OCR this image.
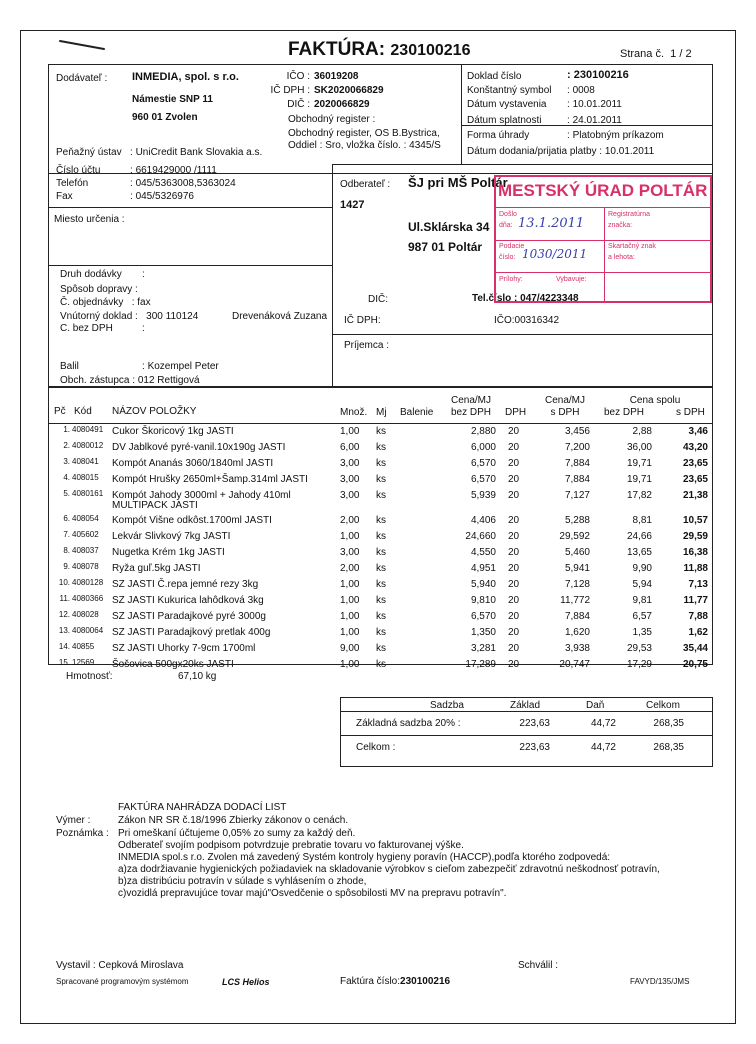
FAKTÚRA: 230100216	Strana č. 1 / 2
Dodávateľ : INMEDIA, spol. s r.o.
Námestie SNP 11
960 01 Zvolen
IČO : 36019208
IČ DPH : SK2020066829
DIČ : 2020066829
Obchodný register :
Obchodný register, OS B.Bystrica,
Oddiel : Sro, vložka číslo. : 4345/S
Peňažný ústav : UniCredit Bank Slovakia a.s.
Číslo účtu	: 6619429000 /1111
Telefón	: 045/5363008,5363024
Fax	: 045/5326976
Doklad číslo	: 230100216
Konštantný symbol : 0008
Dátum vystavenia : 10.01.2011
Dátum splatnosti	: 24.01.2011
Forma úhrady	: Platobným príkazom
Dátum dodania/prijatia platby : 10.01.2011
Odberateľ : ŠJ pri MŠ Poltár
1427
Ul.Sklárska 34
987 01 Poltár
DIČ:	Tel.číslo : 047/4223348
IČ DPH:	IČO:00316342
Príjemca :
MESTSKÝ ÚRAD POLTÁR
Došlo
dňa: 13.1.2011
Registratúrna
značka:
Podacie
číslo: 1030/2011
Skartačný znak
a lehota:
Prílohy:	Vybavuje:
Miesto určenia :
Druh dodávky :
Spôsob dopravy :
Č. objednávky   : fax
Vnútorný doklad : 300 110124	Drevenáková Zuzana
C. bez DPH	:
Balil	: Kozempel Peter
Obch. zástupca : 012 Rettigová
Pč Kód NÁZOV POLOŽKY	Množ. Mj Balenie
Cena/MJ
bez DPH	DPH
Cena/MJ
s DPH
Cena spolu
bez DPH	s DPH
1. 4080491 Cukor Škoricový 1kg JASTI	1,00 ks	2,880 20	3,456	2,88	3,46
2. 4080012 DV Jablkové pyré-vanil.10x190g JASTI	6,00 ks	6,000 20	7,200	36,00	43,20
3. 408041	Kompót Ananás 3060/1840ml JASTI	3,00 ks	6,570 20	7,884	19,71	23,65
4. 408015	Kompót Hrušky 2650ml+Šamp.314ml JASTI	3,00 ks	6,570 20	7,884	19,71	23,65
5. 4080161 Kompót Jahody 3000ml + Jahody 410ml	3,00 ks	5,939 20	7,127	17,82	21,38
MULTIPACK JASTI
6. 408054	Kompót Višne odkôst.1700ml JASTI	2,00 ks	4,406 20	5,288	8,81	10,57
7. 405602	Lekvár Slivkový 7kg JASTI	1,00 ks	24,660 20	29,592	24,66	29,59
8. 408037	Nugetka Krém 1kg JASTI	3,00 ks	4,550 20	5,460	13,65	16,38
9. 408078	Ryža guľ.5kg JASTI	2,00 ks	4,951 20	5,941	9,90	11,88
10. 4080128 SZ JASTI Č.repa jemné rezy 3kg	1,00 ks	5,940 20	7,128	5,94	7,13
11. 4080366 SZ JASTI Kukurica lahôdková 3kg	1,00 ks	9,810 20	11,772	9,81	11,77
12. 408028	SZ JASTI Paradajkové pyré 3000g	1,00 ks	6,570 20	7,884	6,57	7,88
13. 4080064 SZ JASTI Paradajkový pretlak 400g	1,00 ks	1,350 20	1,620	1,35	1,62
14. 40855	SZ JASTI Uhorky 7-9cm 1700ml	9,00 ks	3,281 20	3,938	29,53	35,44
15. 12569	Šošovica 500gx20ks JASTI	1,00 ks	17,289 20	20,747	17,29	20,75
Hmotnosť:	67,10 kg
Sadzba	Základ	Daň	Celkom
Základná sadzba 20% :	223,63	44,72	268,35
Celkom :	223,63	44,72	268,35
FAKTÚRA NAHRÁDZA DODACÍ LIST
Výmer :	Zákon NR SR č.18/1996 Zbierky zákonov o cenách.
Poznámka : Pri omeškaní účtujeme 0,05% zo sumy za každý deň.
Odberateľ svojím podpisom potvrdzuje prebratie tovaru vo fakturovanej výške.
INMEDIA spol.s r.o. Zvolen má zavedený Systém kontroly hygieny poravín (HACCP),podľa ktorého zodpovedá:
a)za dodržiavanie hygienických požiadaviek na skladovanie výrobkov s cieľom zabezpečiť zdravotnú neškodnosť potravín,
b)za distribúciu potravín v súlade s vyhlásením o zhode,
c)vozidlá prepravujúce tovar majú"Osvedčenie o spôsobilosti MV na prepravu potravín".
Vystavil : Cepková Miroslava	Schválil :
Spracované programovým systémom	LCS Helios	Faktúra číslo:230100216	FAVYD/135/JMS
